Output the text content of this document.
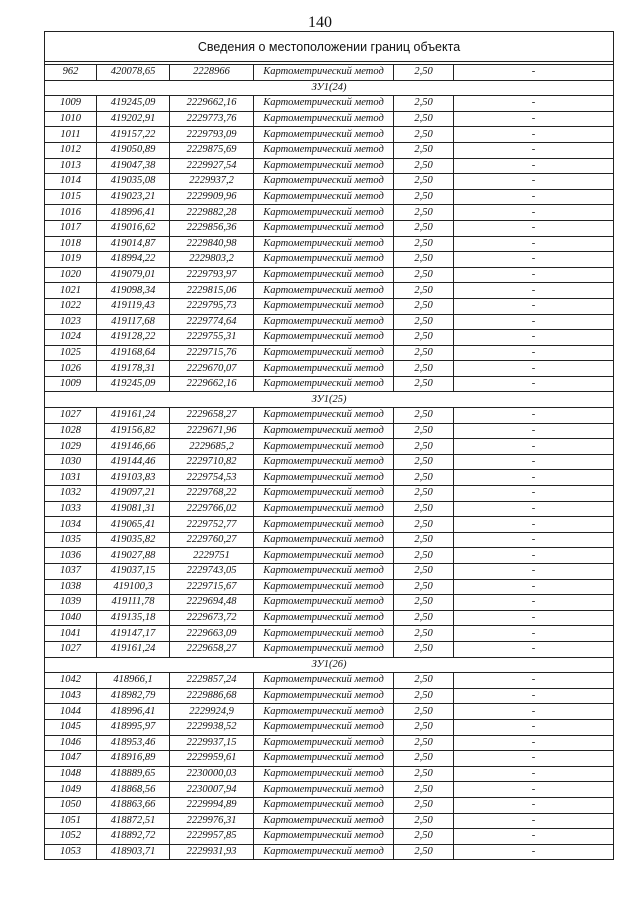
140
Сведения о местоположении границ объекта					

962	420078,65	2228966	Картометрический метод	2,50	-
ЗУ1(24)					
1009	419245,09	2229662,16	Картометрический метод	2,50	-
1010	419202,91	2229773,76	Картометрический метод	2,50	-
1011	419157,22	2229793,09	Картометрический метод	2,50	-
1012	419050,89	2229875,69	Картометрический метод	2,50	-
1013	419047,38	2229927,54	Картометрический метод	2,50	-
1014	419035,08	2229937,2	Картометрический метод	2,50	-
1015	419023,21	2229909,96	Картометрический метод	2,50	-
1016	418996,41	2229882,28	Картометрический метод	2,50	-
1017	419016,62	2229856,36	Картометрический метод	2,50	-
1018	419014,87	2229840,98	Картометрический метод	2,50	-
1019	418994,22	2229803,2	Картометрический метод	2,50	-
1020	419079,01	2229793,97	Картометрический метод	2,50	-
1021	419098,34	2229815,06	Картометрический метод	2,50	-
1022	419119,43	2229795,73	Картометрический метод	2,50	-
1023	419117,68	2229774,64	Картометрический метод	2,50	-
1024	419128,22	2229755,31	Картометрический метод	2,50	-
1025	419168,64	2229715,76	Картометрический метод	2,50	-
1026	419178,31	2229670,07	Картометрический метод	2,50	-
1009	419245,09	2229662,16	Картометрический метод	2,50	-
ЗУ1(25)					
1027	419161,24	2229658,27	Картометрический метод	2,50	-
1028	419156,82	2229671,96	Картометрический метод	2,50	-
1029	419146,66	2229685,2	Картометрический метод	2,50	-
1030	419144,46	2229710,82	Картометрический метод	2,50	-
1031	419103,83	2229754,53	Картометрический метод	2,50	-
1032	419097,21	2229768,22	Картометрический метод	2,50	-
1033	419081,31	2229766,02	Картометрический метод	2,50	-
1034	419065,41	2229752,77	Картометрический метод	2,50	-
1035	419035,82	2229760,27	Картометрический метод	2,50	-
1036	419027,88	2229751	Картометрический метод	2,50	-
1037	419037,15	2229743,05	Картометрический метод	2,50	-
1038	419100,3	2229715,67	Картометрический метод	2,50	-
1039	419111,78	2229694,48	Картометрический метод	2,50	-
1040	419135,18	2229673,72	Картометрический метод	2,50	-
1041	419147,17	2229663,09	Картометрический метод	2,50	-
1027	419161,24	2229658,27	Картометрический метод	2,50	-
ЗУ1(26)					
1042	418966,1	2229857,24	Картометрический метод	2,50	-
1043	418982,79	2229886,68	Картометрический метод	2,50	-
1044	418996,41	2229924,9	Картометрический метод	2,50	-
1045	418995,97	2229938,52	Картометрический метод	2,50	-
1046	418953,46	2229937,15	Картометрический метод	2,50	-
1047	418916,89	2229959,61	Картометрический метод	2,50	-
1048	418889,65	2230000,03	Картометрический метод	2,50	-
1049	418868,56	2230007,94	Картометрический метод	2,50	-
1050	418863,66	2229994,89	Картометрический метод	2,50	-
1051	418872,51	2229976,31	Картометрический метод	2,50	-
1052	418892,72	2229957,85	Картометрический метод	2,50	-
1053	418903,71	2229931,93	Картометрический метод	2,50	-
